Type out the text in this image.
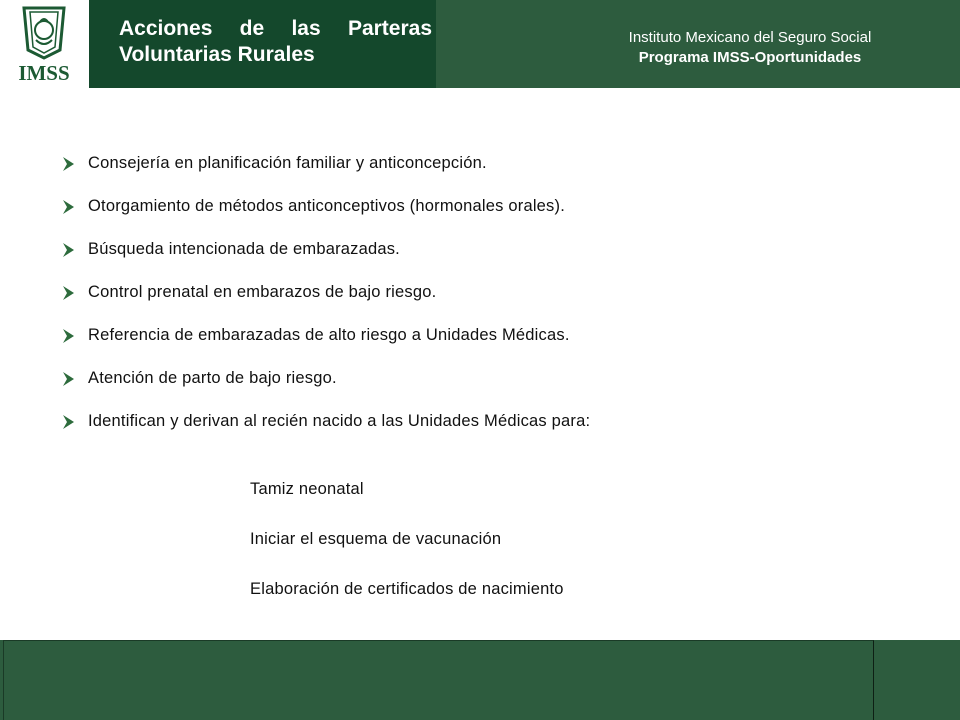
IMSS
Acciones de las Parteras
Voluntarias Rurales
Instituto Mexicano del Seguro Social
Programa IMSS-Oportunidades
Consejería en planificación familiar y anticoncepción.
Otorgamiento de métodos anticonceptivos (hormonales orales).
Búsqueda intencionada de embarazadas.
Control prenatal en embarazos de bajo riesgo.
Referencia de embarazadas de alto riesgo a Unidades Médicas.
Atención de parto de bajo riesgo.
Identifican y derivan al recién nacido a las Unidades Médicas para:
Tamiz neonatal
Iniciar el esquema de vacunación
Elaboración de certificados de nacimiento
